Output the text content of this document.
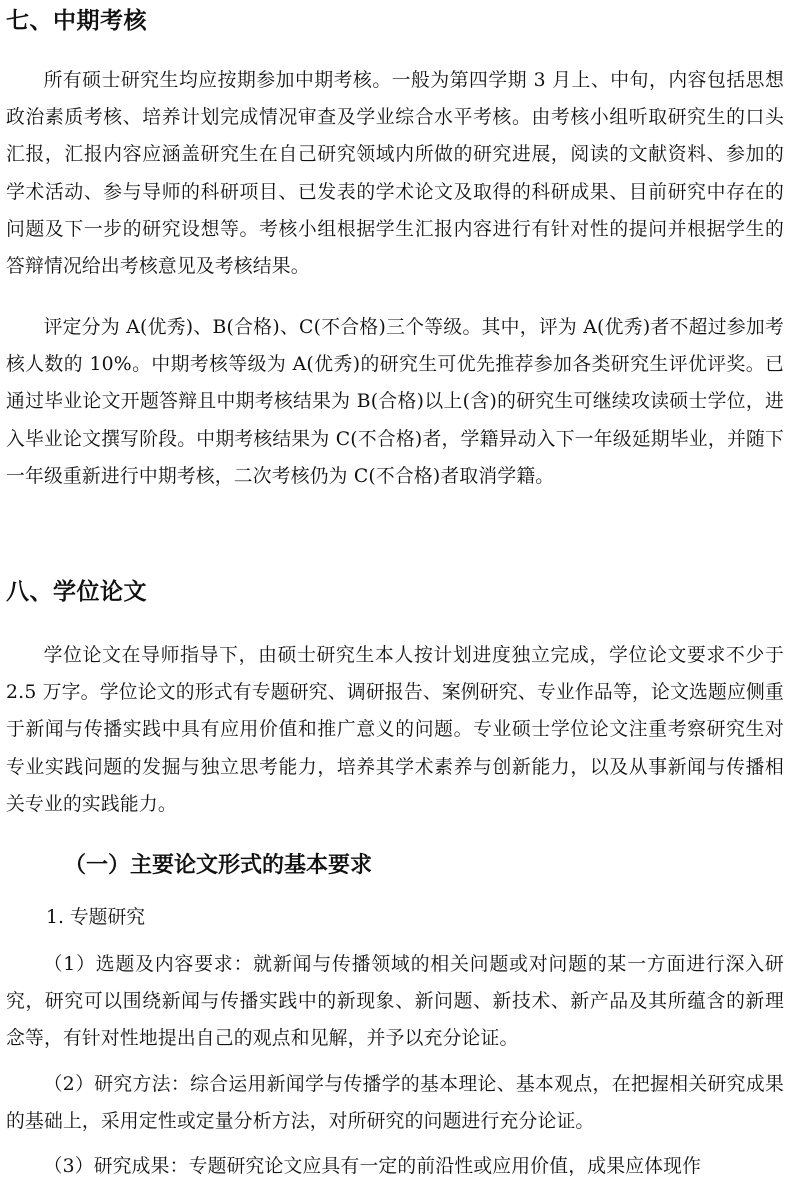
七、中期考核

所有硕士研究生均应按期参加中期考核。一般为第四学期 3 月上、中旬，内容包括思想政治素质考核、培养计划完成情况审查及学业综合水平考核。由考核小组听取研究生的口头汇报，汇报内容应涵盖研究生在自己研究领域内所做的研究进展，阅读的文献资料、参加的学术活动、参与导师的科研项目、已发表的学术论文及取得的科研成果、目前研究中存在的问题及下一步的研究设想等。考核小组根据学生汇报内容进行有针对性的提问并根据学生的答辩情况给出考核意见及考核结果。

评定分为 A(优秀)、B(合格)、C(不合格)三个等级。其中，评为 A(优秀)者不超过参加考核人数的 10%。中期考核等级为 A(优秀)的研究生可优先推荐参加各类研究生评优评奖。已通过毕业论文开题答辩且中期考核结果为 B(合格)以上(含)的研究生可继续攻读硕士学位，进入毕业论文撰写阶段。中期考核结果为 C(不合格)者，学籍异动入下一年级延期毕业，并随下一年级重新进行中期考核，二次考核仍为 C(不合格)者取消学籍。

八、学位论文

学位论文在导师指导下，由硕士研究生本人按计划进度独立完成，学位论文要求不少于 2.5 万字。学位论文的形式有专题研究、调研报告、案例研究、专业作品等，论文选题应侧重于新闻与传播实践中具有应用价值和推广意义的问题。专业硕士学位论文注重考察研究生对专业实践问题的发掘与独立思考能力，培养其学术素养与创新能力，以及从事新闻与传播相关专业的实践能力。

（一）主要论文形式的基本要求

1. 专题研究

（1）选题及内容要求：就新闻与传播领域的相关问题或对问题的某一方面进行深入研究，研究可以围绕新闻与传播实践中的新现象、新问题、新技术、新产品及其所蕴含的新理念等，有针对性地提出自己的观点和见解，并予以充分论证。

（2）研究方法：综合运用新闻学与传播学的基本理论、基本观点，在把握相关研究成果的基础上，采用定性或定量分析方法，对所研究的问题进行充分论证。

（3）研究成果：专题研究论文应具有一定的前沿性或应用价值，成果应体现作
